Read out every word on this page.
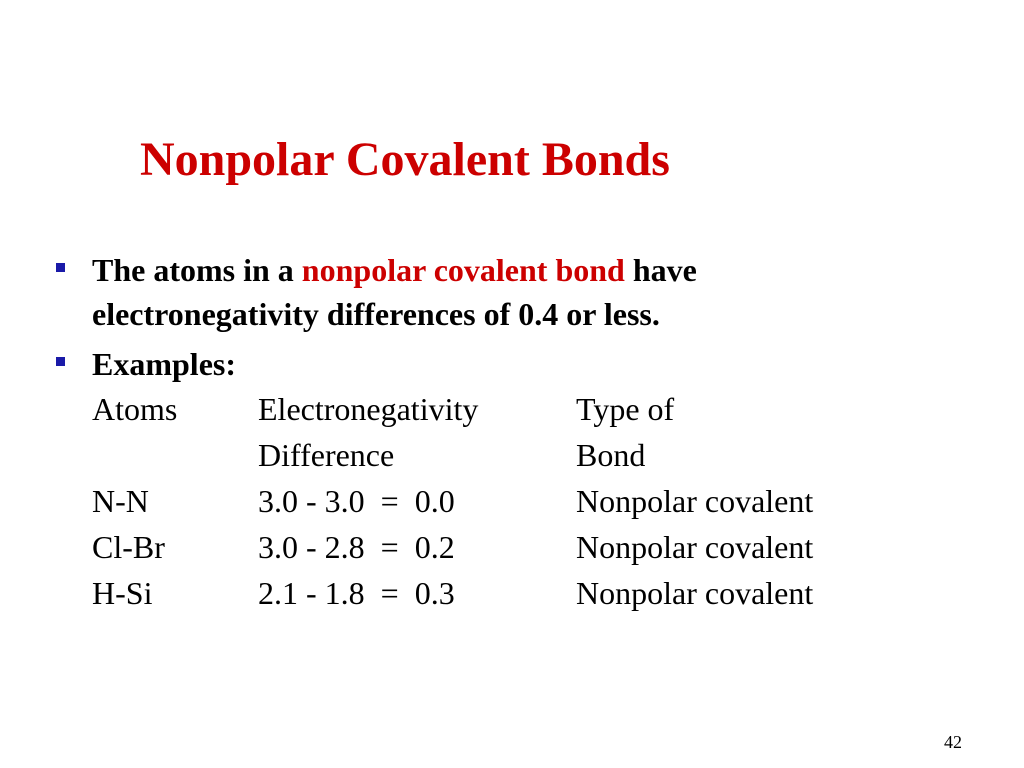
Nonpolar Covalent Bonds
The atoms in a nonpolar covalent bond have
electronegativity differences of 0.4 or less.
Examples:
Atoms	Electronegativity	Type of
	Difference	Bond
N-N	3.0 - 3.0  =  0.0	Nonpolar covalent
Cl-Br	3.0 - 2.8  =  0.2	Nonpolar covalent
H-Si	2.1 - 1.8  =  0.3	Nonpolar covalent
42
